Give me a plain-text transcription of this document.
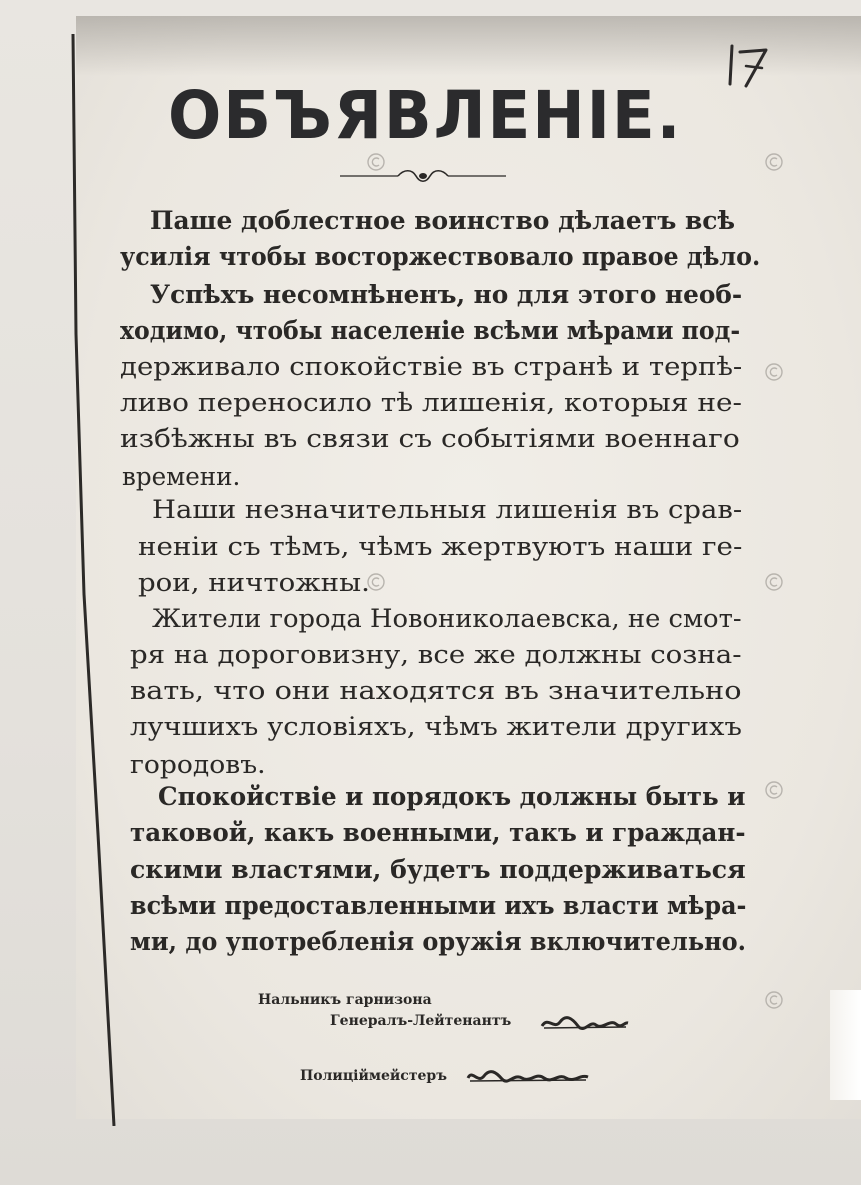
ОБЪЯВЛЕНІЕ.
Паше доблестное воинство дѣлаетъ всѣ
усилія чтобы восторжествовало правое дѣло.
Успѣхъ несомнѣненъ, но для этого необ-
ходимо, чтобы населеніе всѣми мѣрами под-
держивало спокойствіе въ странѣ и терпѣ-
ливо переносило тѣ лишенія, которыя не-
избѣжны въ связи съ событіями военнаго
времени.
Наши незначительныя лишенія въ срав-
неніи съ тѣмъ, чѣмъ жертвуютъ наши ге-
рои, ничтожны.
Жители города Новониколаевска, не смот-
ря на дороговизну, все же должны созна-
вать, что они находятся въ значительно
лучшихъ условіяхъ, чѣмъ жители другихъ
городовъ.
Спокойствіе и порядокъ должны быть и
таковой, какъ военными, такъ и граждан-
скими властями, будетъ поддерживаться
всѣми предоставленными ихъ власти мѣра-
ми, до употребленія оружія включительно.
Нальникъ гарнизона
Генералъ-Лейтенантъ
Полиціймейстеръ
